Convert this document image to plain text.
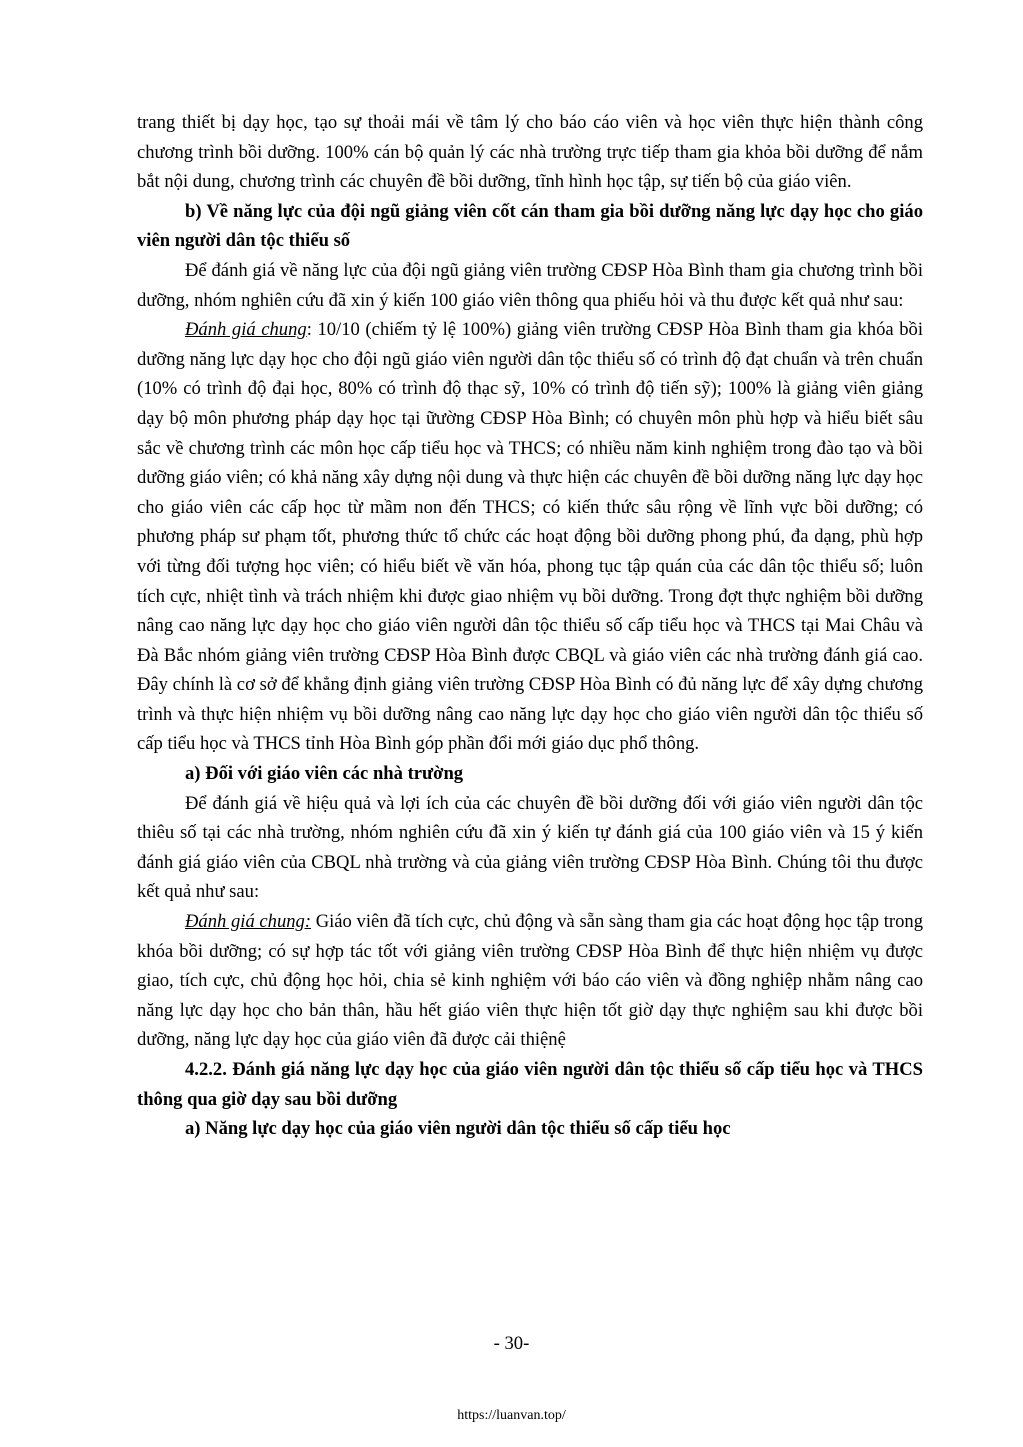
trang thiết bị dạy học, tạo sự thoải mái về tâm lý cho báo cáo viên và học viên thực hiện thành công chương trình bồi dưỡng. 100% cán bộ quản lý các nhà trường trực tiếp tham gia khỏa bồi dưỡng để nắm bắt nội dung, chương trình các chuyên đề bồi dưỡng, tĩnh hình học tập, sự tiến bộ của giáo viên.

b) Về năng lực của đội ngũ giảng viên cốt cán tham gia bồi dưỡng năng lực dạy học cho giáo viên người dân tộc thiểu số

Để đánh giá về năng lực của đội ngũ giảng viên trường CĐSP Hòa Bình tham gia chương trình bồi dưỡng, nhóm nghiên cứu đã xin ý kiến 100 giáo viên thông qua phiếu hỏi và thu được kết quả như sau:

Đánh giá chung: 10/10 (chiếm tỷ lệ 100%) giảng viên trường CĐSP Hòa Bình tham gia khóa bồi dưỡng năng lực dạy học cho đội ngũ giáo viên người dân tộc thiểu số có trình độ đạt chuẩn và trên chuẩn (10% có trình độ đại học, 80% có trình độ thạc sỹ, 10% có trình độ tiến sỹ); 100% là giảng viên giảng dạy bộ môn phương pháp dạy học tại ữường CĐSP Hòa Bình; có chuyên môn phù hợp và hiểu biết sâu sắc về chương trình các môn học cấp tiểu học và THCS; có nhiều năm kinh nghiệm trong đào tạo và bồi dưỡng giáo viên; có khả năng xây dựng nội dung và thực hiện các chuyên đề bồi dưỡng năng lực dạy học cho giáo viên các cấp học từ mầm non đến THCS; có kiến thức sâu rộng về lĩnh vực bồi dưỡng; có phương pháp sư phạm tốt, phương thức tổ chức các hoạt động bồi dưỡng phong phú, đa dạng, phù hợp với từng đối tượng học viên; có hiểu biết về văn hóa, phong tục tập quán của các dân tộc thiểu số; luôn tích cực, nhiệt tình và trách nhiệm khi được giao nhiệm vụ bồi dưỡng. Trong đợt thực nghiệm bồi dưỡng nâng cao năng lực dạy học cho giáo viên người dân tộc thiểu số cấp tiểu học và THCS tại Mai Châu và Đà Bắc nhóm giảng viên trường CĐSP Hòa Bình được CBQL và giáo viên các nhà trường đánh giá cao. Đây chính là cơ sở để khẳng định giảng viên trường CĐSP Hòa Bình có đủ năng lực để xây dựng chương trình và thực hiện nhiệm vụ bồi dưỡng nâng cao năng lực dạy học cho giáo viên người dân tộc thiểu số cấp tiểu học và THCS tỉnh Hòa Bình góp phần đổi mới giáo dục phổ thông.

a) Đối với giáo viên các nhà trường

Để đánh giá về hiệu quả và lợi ích của các chuyên đề bồi dưỡng đối với giáo viên người dân tộc thiêu số tại các nhà trường, nhóm nghiên cứu đã xin ý kiến tự đánh giá của 100 giáo viên và 15 ý kiến đánh giá giáo viên của CBQL nhà trường và của giảng viên trường CĐSP Hòa Bình. Chúng tôi thu được kết quả như sau:

Đánh giá chung: Giáo viên đã tích cực, chủ động và sẵn sàng tham gia các hoạt động học tập trong khóa bồi dưỡng; có sự hợp tác tốt với giảng viên trường CĐSP Hòa Bình để thực hiện nhiệm vụ được giao, tích cực, chủ động học hỏi, chia sẻ kinh nghiệm với báo cáo viên và đồng nghiệp nhằm nâng cao năng lực dạy học cho bản thân, hầu hết giáo viên thực hiện tốt giờ dạy thực nghiệm sau khi được bồi dưỡng, năng lực dạy học của giáo viên đã được cải thiệnệ

4.2.2. Đánh giá năng lực dạy học của giáo viên người dân tộc thiểu số cấp tiểu học và THCS thông qua giờ dạy sau bồi dưỡng

a) Năng lực dạy học của giáo viên người dân tộc thiểu số cấp tiểu học

- 30-
https://luanvan.top/
